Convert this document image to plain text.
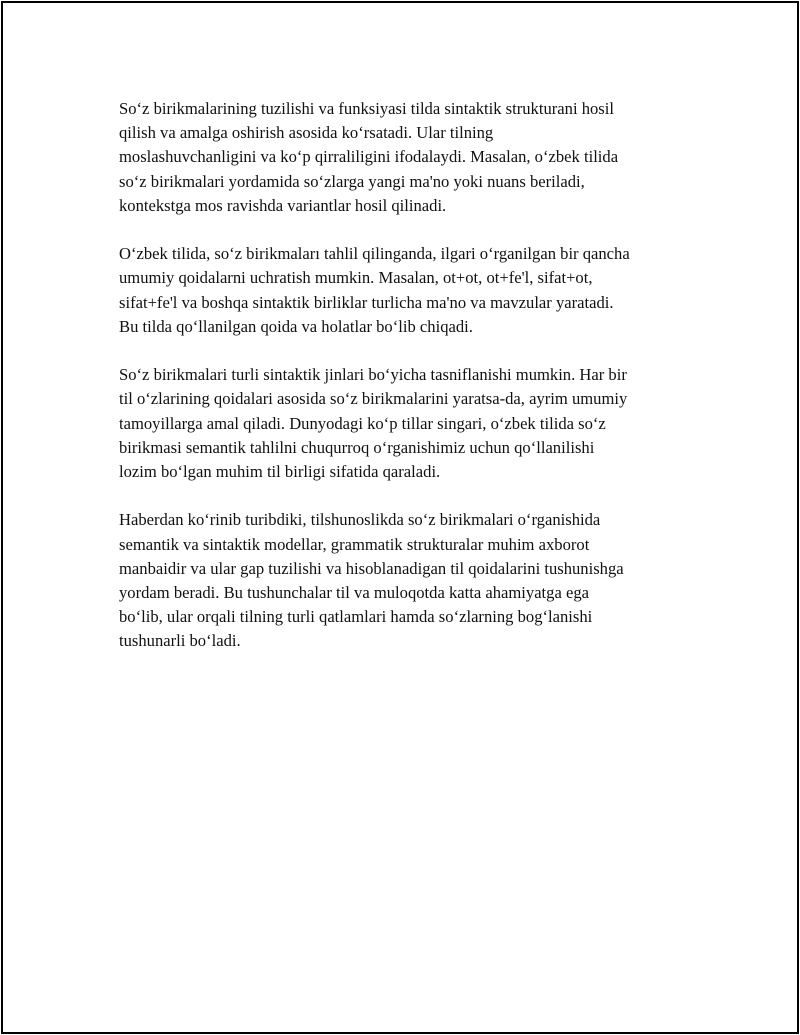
So‘z birikmalarining tuzilishi va funksiyasi tilda sintaktik strukturani hosil
qilish va amalga oshirish asosida ko‘rsatadi. Ular tilning
moslashuvchanligini va ko‘p qirraliligini ifodalaydi. Masalan, o‘zbek tilida
so‘z birikmalari yordamida so‘zlarga yangi ma'no yoki nuans beriladi,
kontekstga mos ravishda variantlar hosil qilinadi.

O‘zbek tilida, so‘z birikmaları tahlil qilinganda, ilgari o‘rganilgan bir qancha
umumiy qoidalarni uchratish mumkin. Masalan, ot+ot, ot+fe'l, sifat+ot,
sifat+fe'l va boshqa sintaktik birliklar turlicha ma'no va mavzular yaratadi.
Bu tilda qo‘llanilgan qoida va holatlar bo‘lib chiqadi.

So‘z birikmalari turli sintaktik jinlari bo‘yicha tasniflanishi mumkin. Har bir
til o‘zlarining qoidalari asosida so‘z birikmalarini yaratsa-da, ayrim umumiy
tamoyillarga amal qiladi. Dunyodagi ko‘p tillar singari, o‘zbek tilida so‘z
birikmasi semantik tahlilni chuqurroq o‘rganishimiz uchun qo‘llanilishi
lozim bo‘lgan muhim til birligi sifatida qaraladi.

Haberdan ko‘rinib turibdiki, tilshunoslikda so‘z birikmalari o‘rganishida
semantik va sintaktik modellar, grammatik strukturalar muhim axborot
manbaidir va ular gap tuzilishi va hisoblanadigan til qoidalarini tushunishga
yordam beradi. Bu tushunchalar til va muloqotda katta ahamiyatga ega
bo‘lib, ular orqali tilning turli qatlamlari hamda so‘zlarning bog‘lanishi
tushunarli bo‘ladi.
